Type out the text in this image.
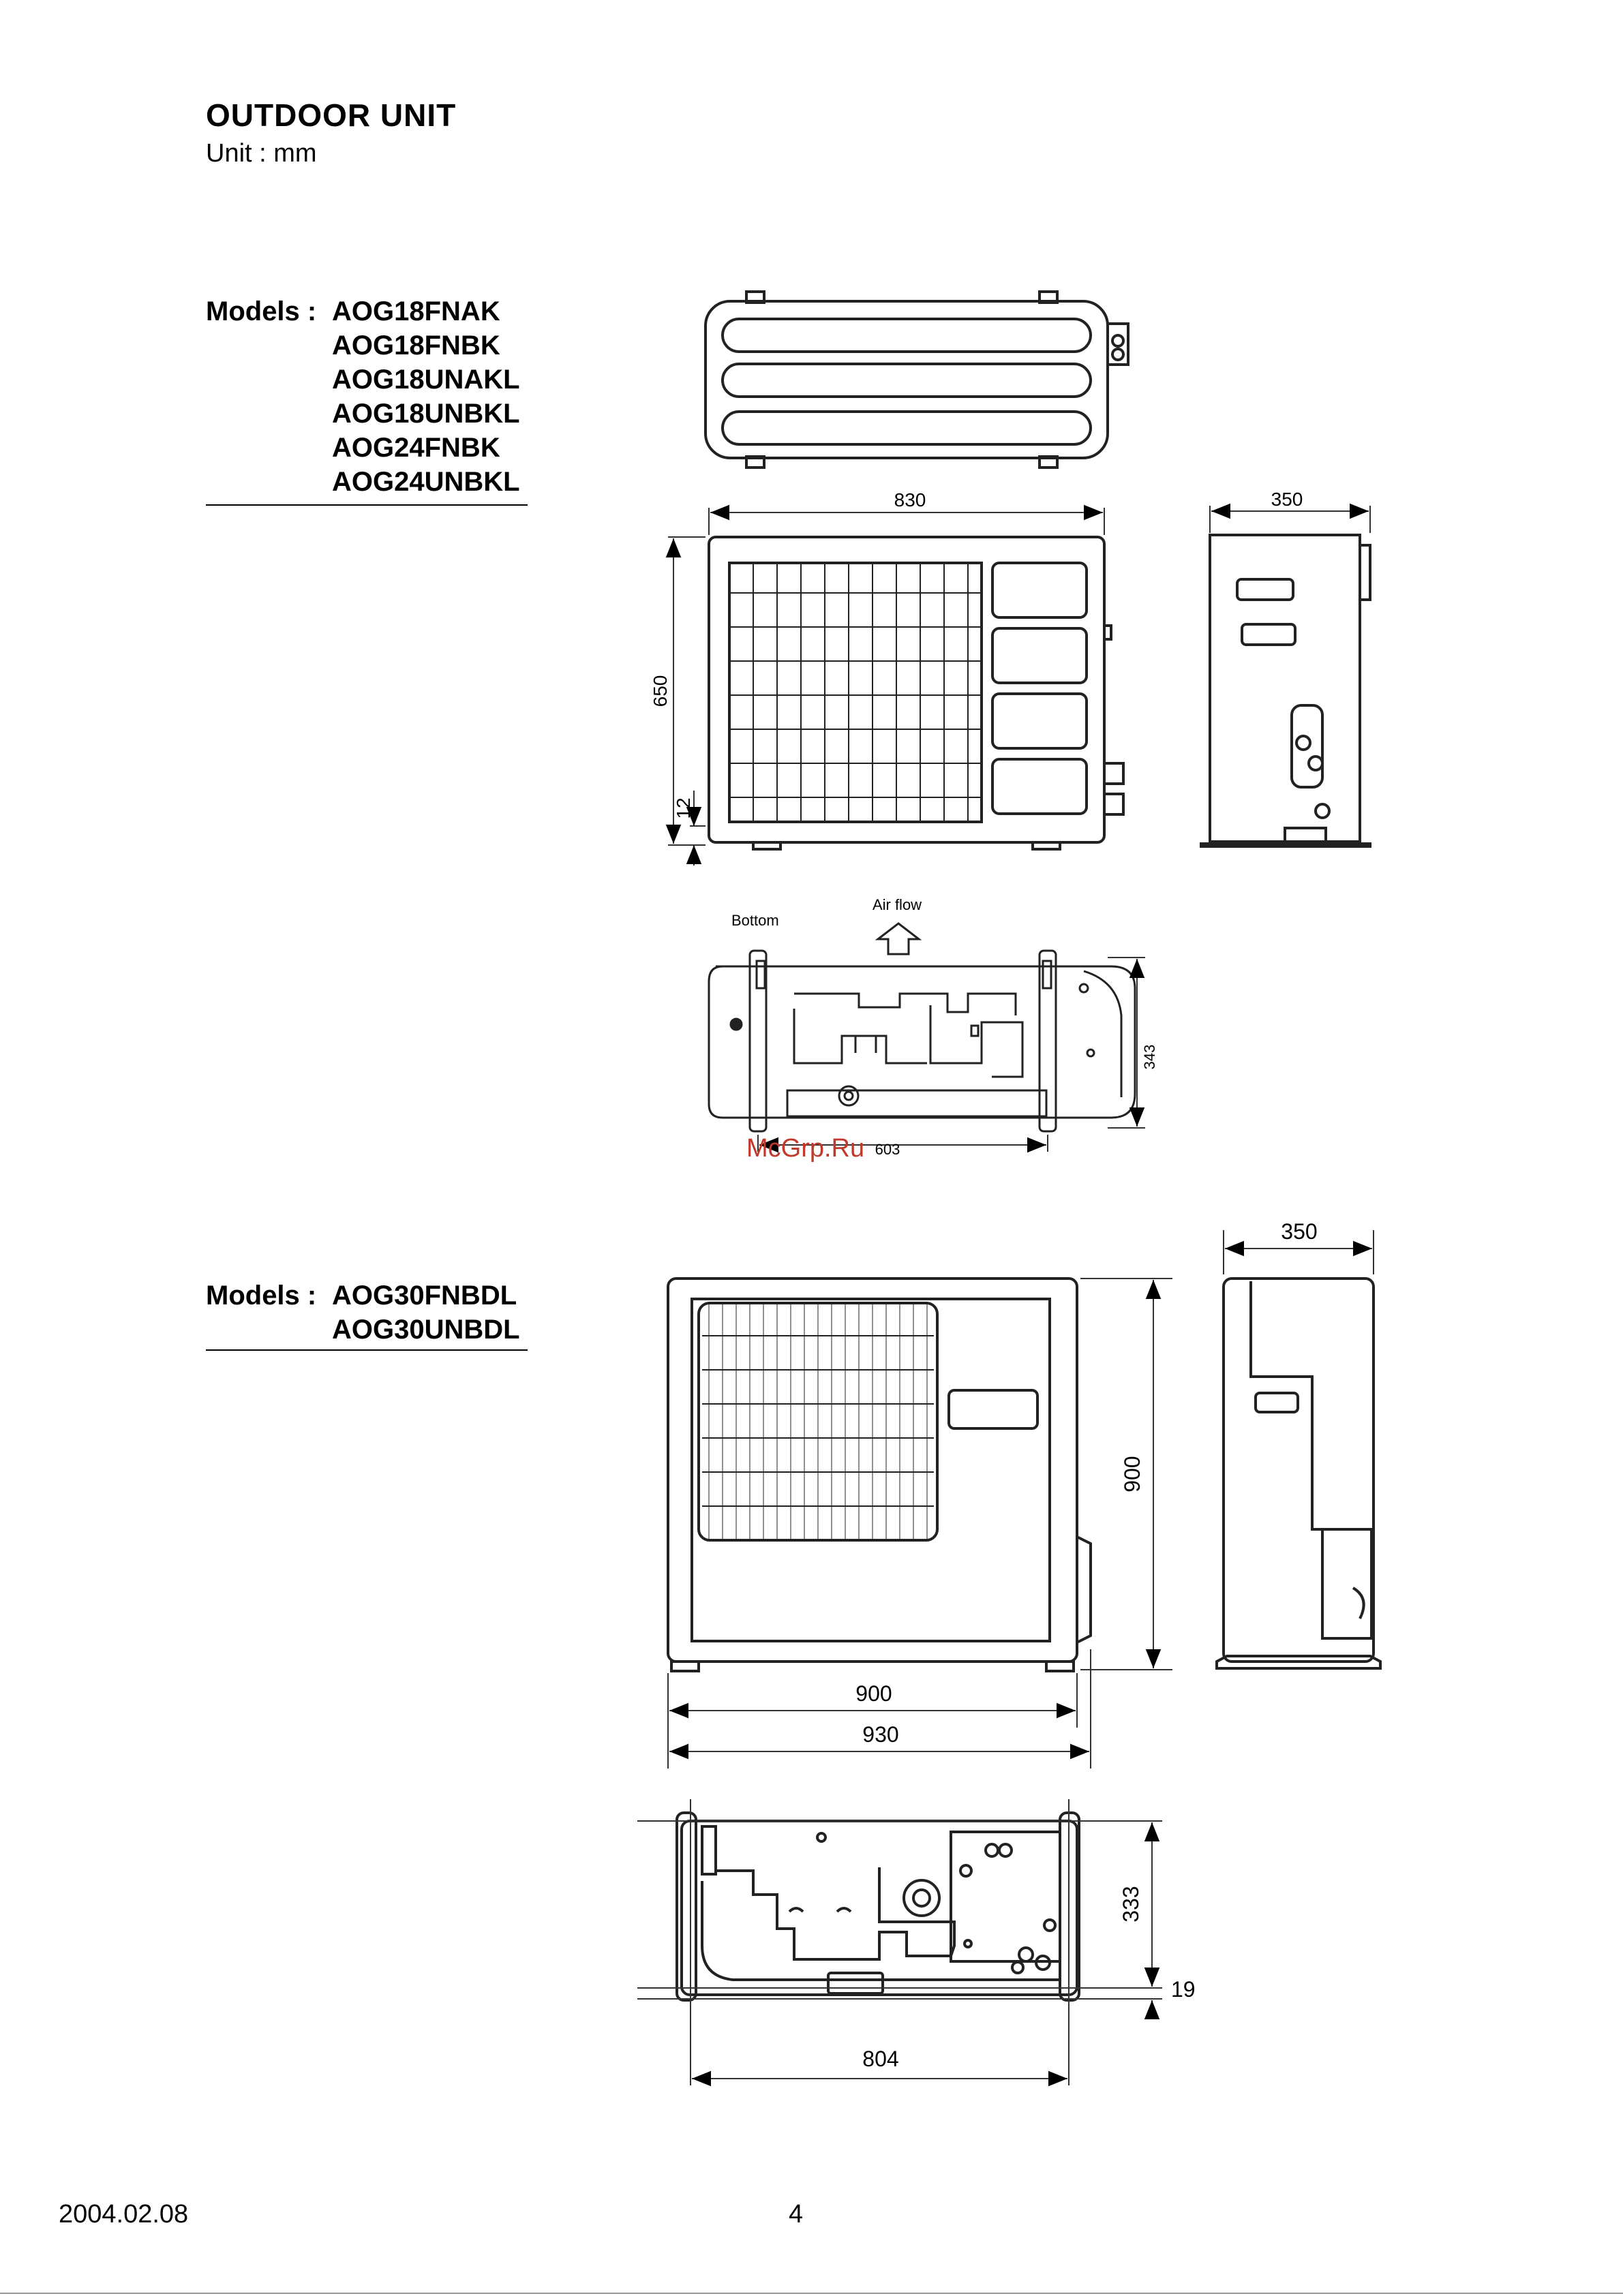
OUTDOOR UNIT
Unit : mm
Models : AOG18FNAK
AOG18FNBK
AOG18UNAKL
AOG18UNBKL
AOG24FNBK
AOG24UNBKL
Models : AOG30FNBDL
AOG30UNBDL
830
650
12
350
Bottom
Air flow
343
603
McGrp.Ru
900
900
930
350
333
19
804
2004.02.08	4
